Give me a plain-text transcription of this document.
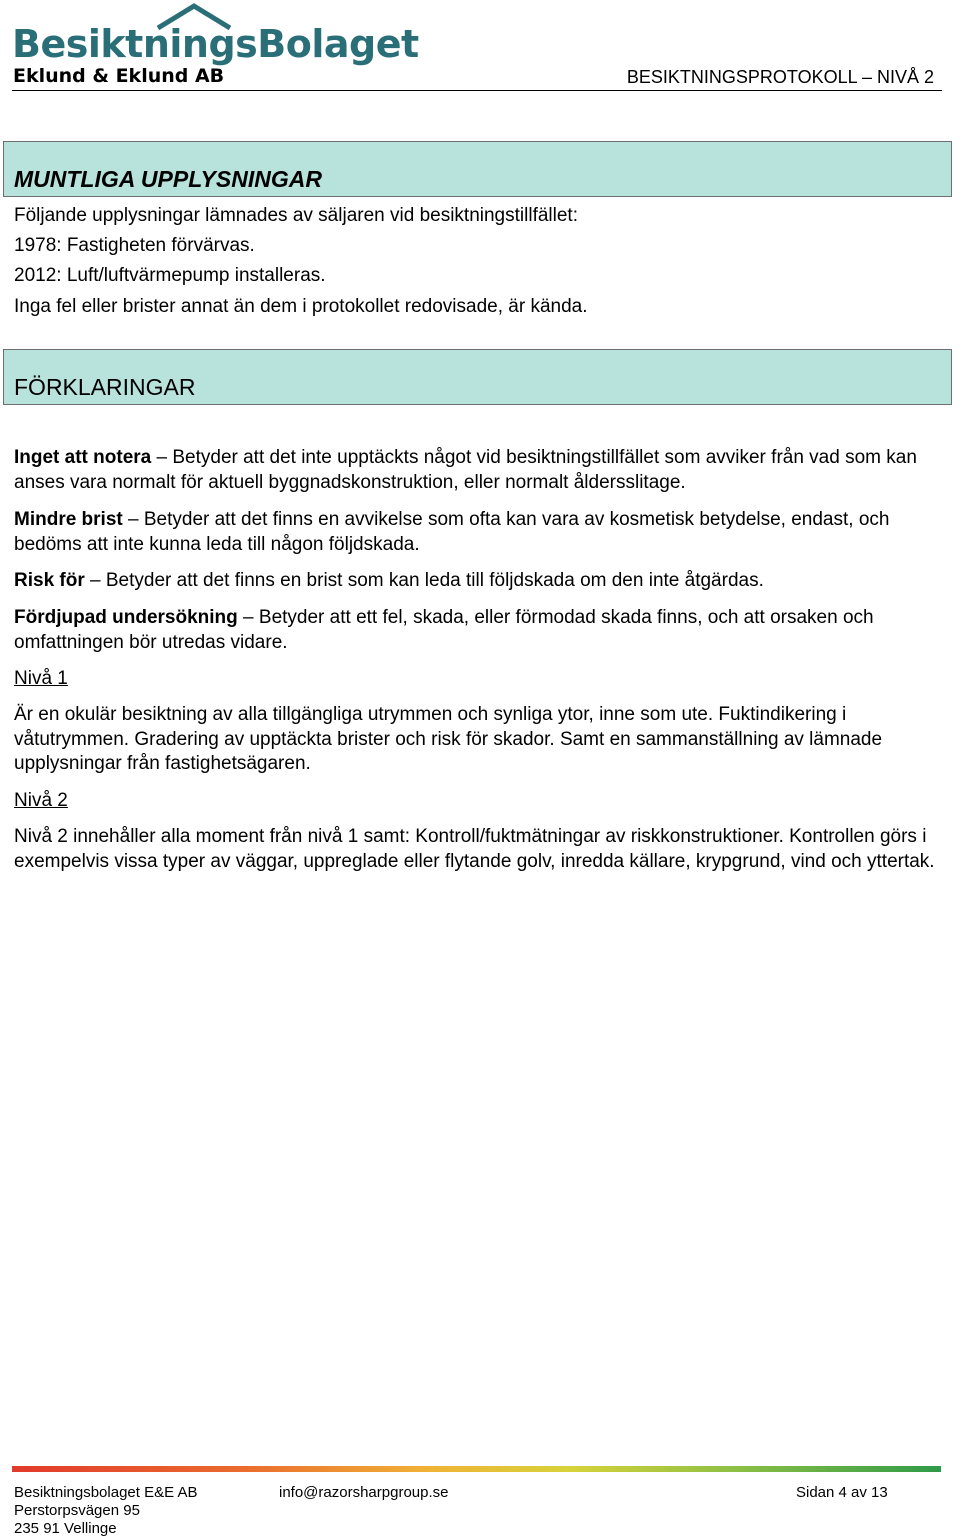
BesiktningsBolaget
Eklund & Eklund AB	BESIKTNINGSPROTOKOLL – NIVÅ 2
MUNTLIGA UPPLYSNINGAR
Följande upplysningar lämnades av säljaren vid besiktningstillfället:
1978: Fastigheten förvärvas.
2012: Luft/luftvärmepump installeras.
Inga fel eller brister annat än dem i protokollet redovisade, är kända.
FÖRKLARINGAR
Inget att notera – Betyder att det inte upptäckts något vid besiktningstillfället som avviker från vad som kan anses vara normalt för aktuell byggnadskonstruktion, eller normalt åldersslitage.
Mindre brist – Betyder att det finns en avvikelse som ofta kan vara av kosmetisk betydelse, endast, och bedöms att inte kunna leda till någon följdskada.
Risk för – Betyder att det finns en brist som kan leda till följdskada om den inte åtgärdas.
Fördjupad undersökning – Betyder att ett fel, skada, eller förmodad skada finns, och att orsaken och omfattningen bör utredas vidare.
Nivå 1
Är en okulär besiktning av alla tillgängliga utrymmen och synliga ytor, inne som ute. Fuktindikering i våtutrymmen. Gradering av upptäckta brister och risk för skador. Samt en sammanställning av lämnade upplysningar från fastighetsägaren.
Nivå 2
Nivå 2 innehåller alla moment från nivå 1 samt: Kontroll/fuktmätningar av riskkonstruktioner. Kontrollen görs i exempelvis vissa typer av väggar, uppreglade eller flytande golv, inredda källare, krypgrund, vind och yttertak.
Besiktningsbolaget E&E AB
Perstorpsvägen 95
235 91 Vellinge
info@razorsharpgroup.se	Sidan 4 av 13
